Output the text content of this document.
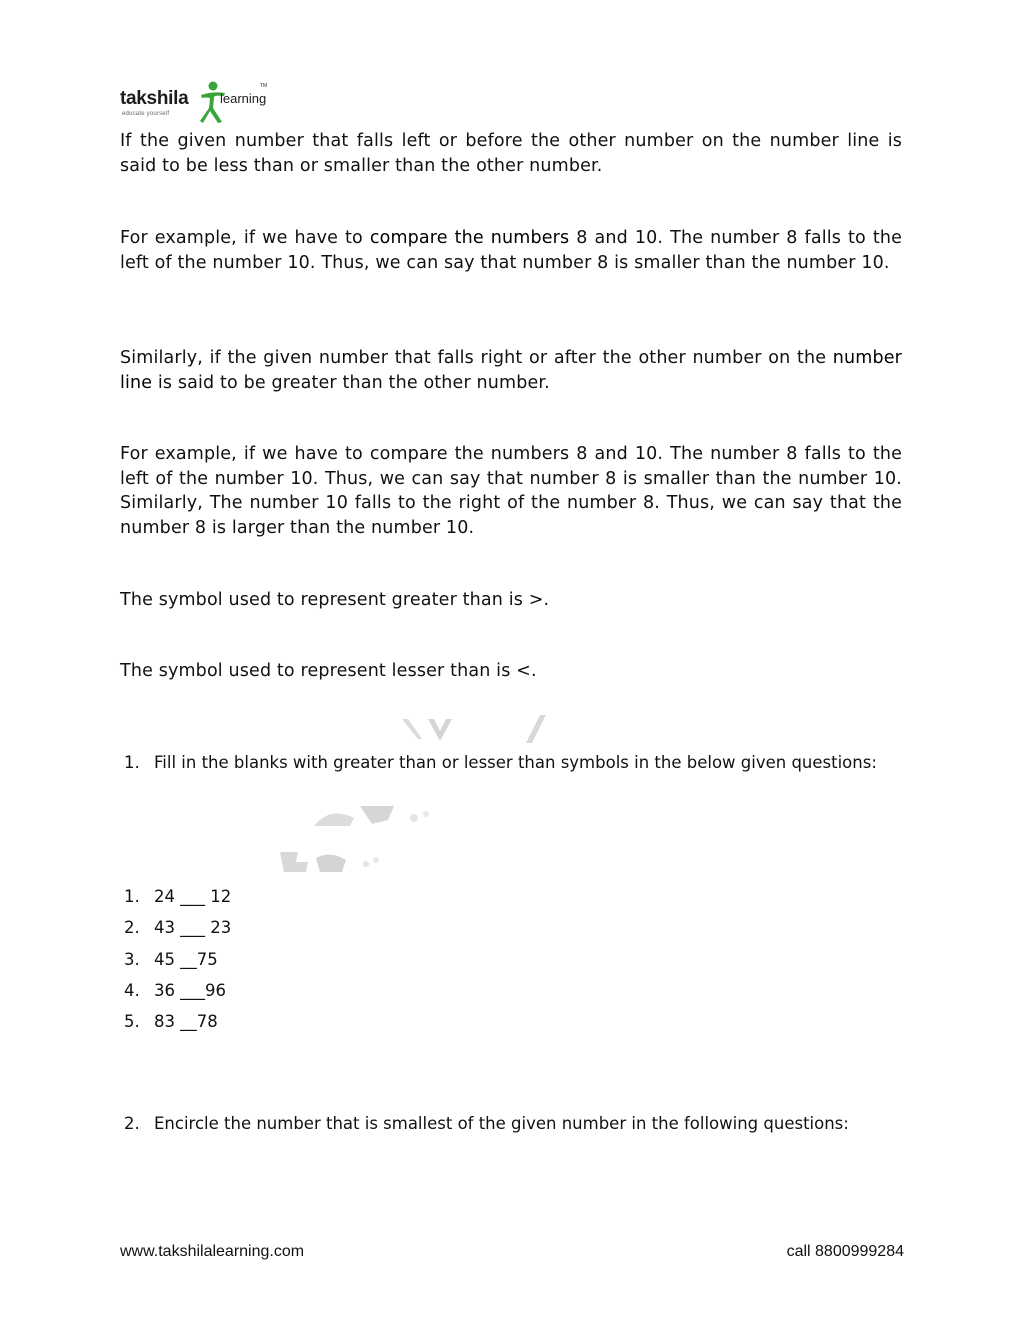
takshila learning
TM
educate yourself

If the given number that falls left or before the other number on the number line is said to be less than or smaller than the other number.

For example, if we have to compare the numbers 8 and 10. The number 8 falls to the left of the number 10. Thus, we can say that number 8 is smaller than the number 10.

Similarly, if the given number that falls right or after the other number on the number line is said to be greater than the other number.

For example, if we have to compare the numbers 8 and 10. The number 8 falls to the left of the number 10. Thus, we can say that number 8 is smaller than the number 10. Similarly, The number 10 falls to the right of the number 8. Thus, we can say that the number 8 is larger than the number 10.

The symbol used to represent greater than is >.

The symbol used to represent lesser than is <.

1. Fill in the blanks with greater than or lesser than symbols in the below given questions:
1. 24 ___ 12
2. 43 ___ 23
3. 45 __75
4. 36 ___96
5. 83 __78
2. Encircle the number that is smallest of the given number in the following questions:
www.takshilalearning.com	call 8800999284
